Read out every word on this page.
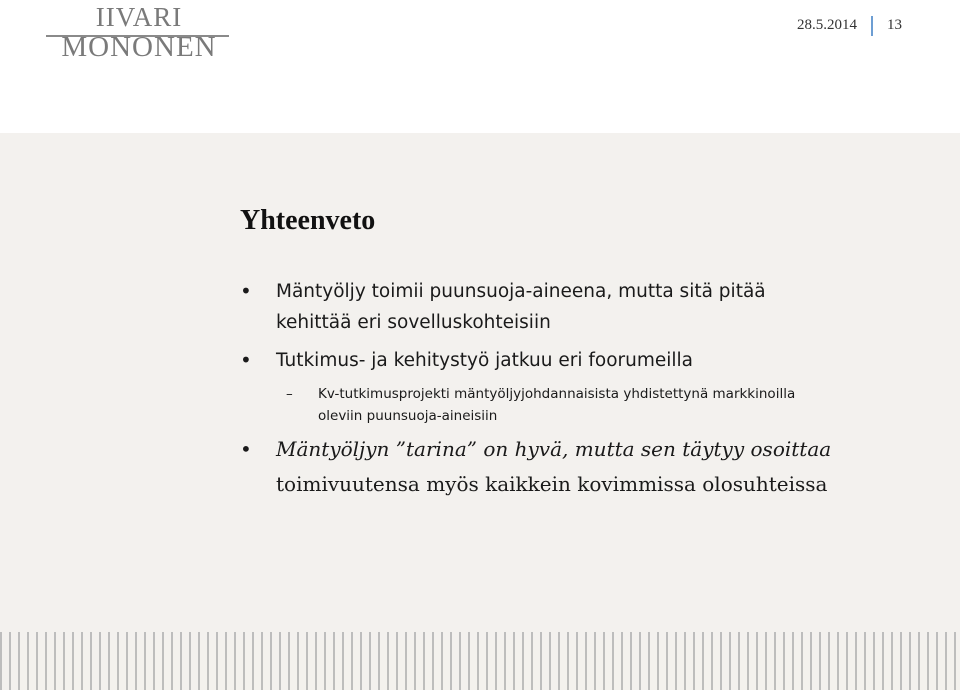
IIVARI
MONONEN
28.5.2014 13
Yhteenveto
• Mäntyöljy toimii puunsuoja-aineena, mutta sitä pitää
kehittää eri sovelluskohteisiin
• Tutkimus- ja kehitystyö jatkuu eri foorumeilla
– Kv-tutkimusprojekti mäntyöljyjohdannaisista yhdistettynä markkinoilla
oleviin puunsuoja-aineisiin
• Mäntyöljyn ”tarina” on hyvä, mutta sen täytyy osoittaa
toimivuutensa myös kaikkein kovimmissa olosuhteissa
